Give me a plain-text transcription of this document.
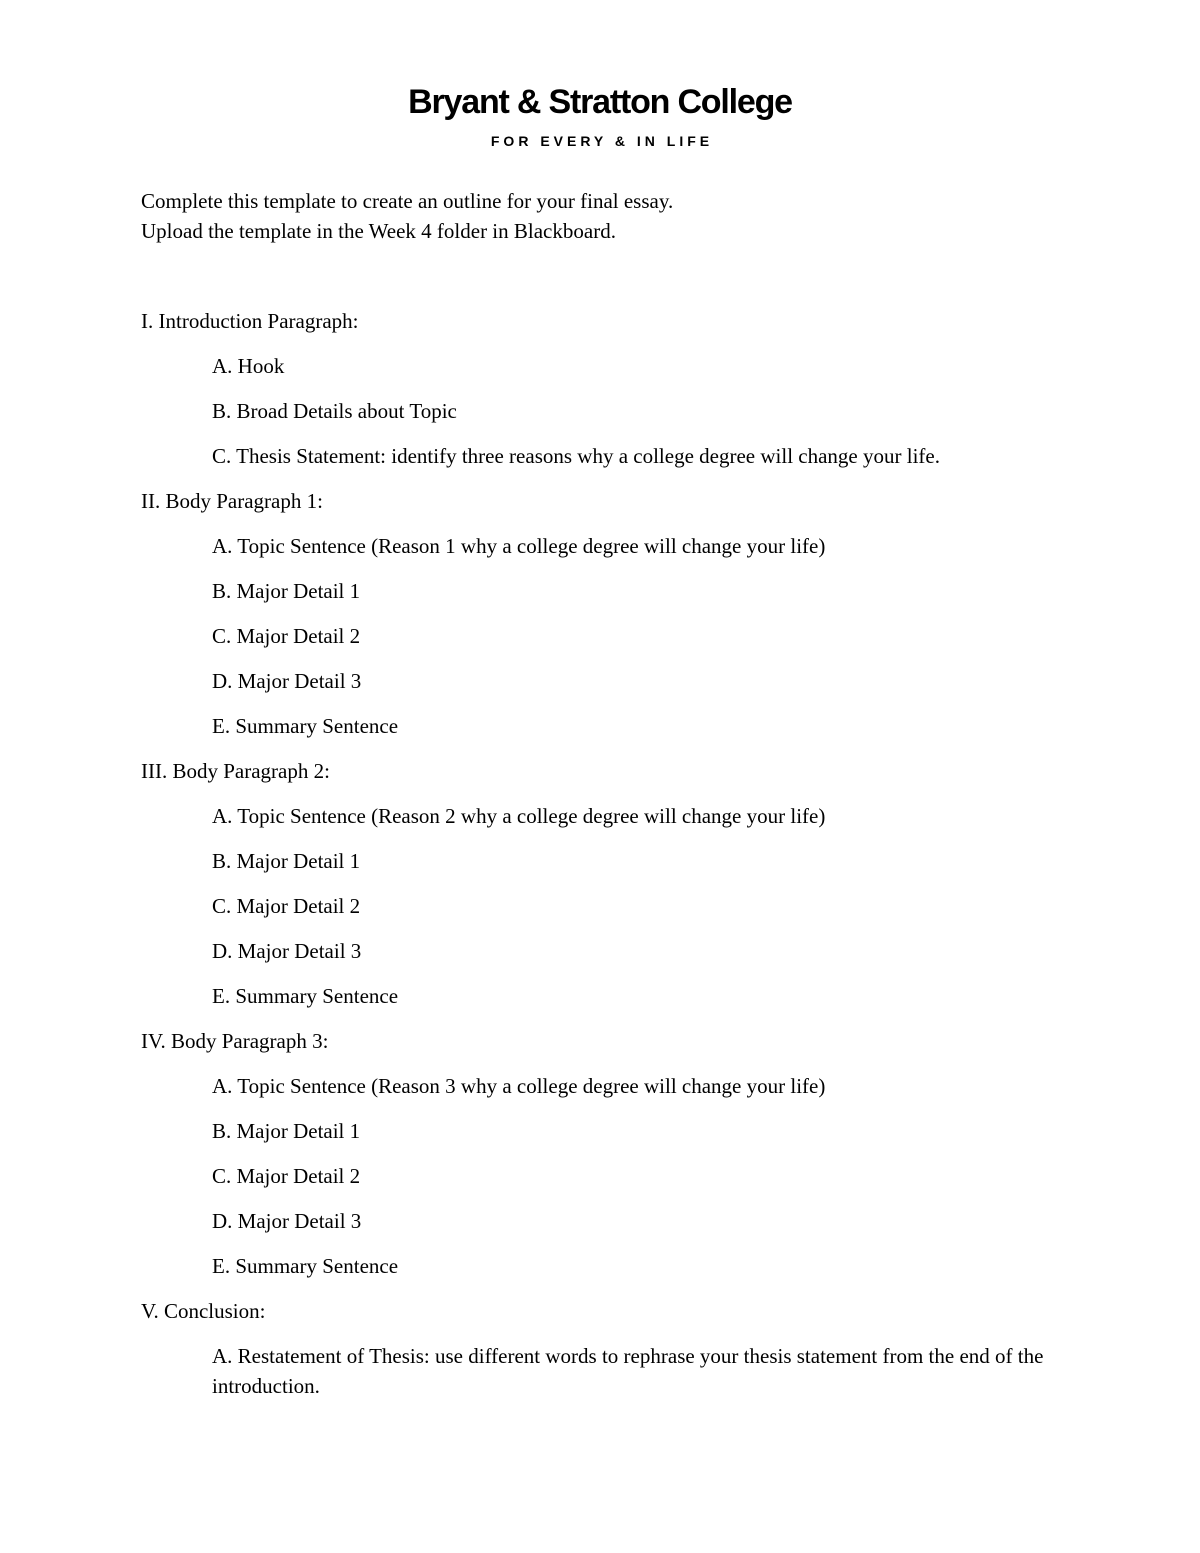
Bryant & Stratton College
FOR EVERY & IN LIFE
Complete this template to create an outline for your final essay.
Upload the template in the Week 4 folder in Blackboard.
I. Introduction Paragraph:
A. Hook
B. Broad Details about Topic
C. Thesis Statement: identify three reasons why a college degree will change your life.
II. Body Paragraph 1:
A. Topic Sentence (Reason 1 why a college degree will change your life)
B. Major Detail 1
C. Major Detail 2
D. Major Detail 3
E. Summary Sentence
III. Body Paragraph 2:
A. Topic Sentence (Reason 2 why a college degree will change your life)
B. Major Detail 1
C. Major Detail 2
D. Major Detail 3
E. Summary Sentence
IV. Body Paragraph 3:
A. Topic Sentence (Reason 3 why a college degree will change your life)
B. Major Detail 1
C. Major Detail 2
D. Major Detail 3
E. Summary Sentence
V. Conclusion:
A. Restatement of Thesis: use different words to rephrase your thesis statement from the end of the introduction.
